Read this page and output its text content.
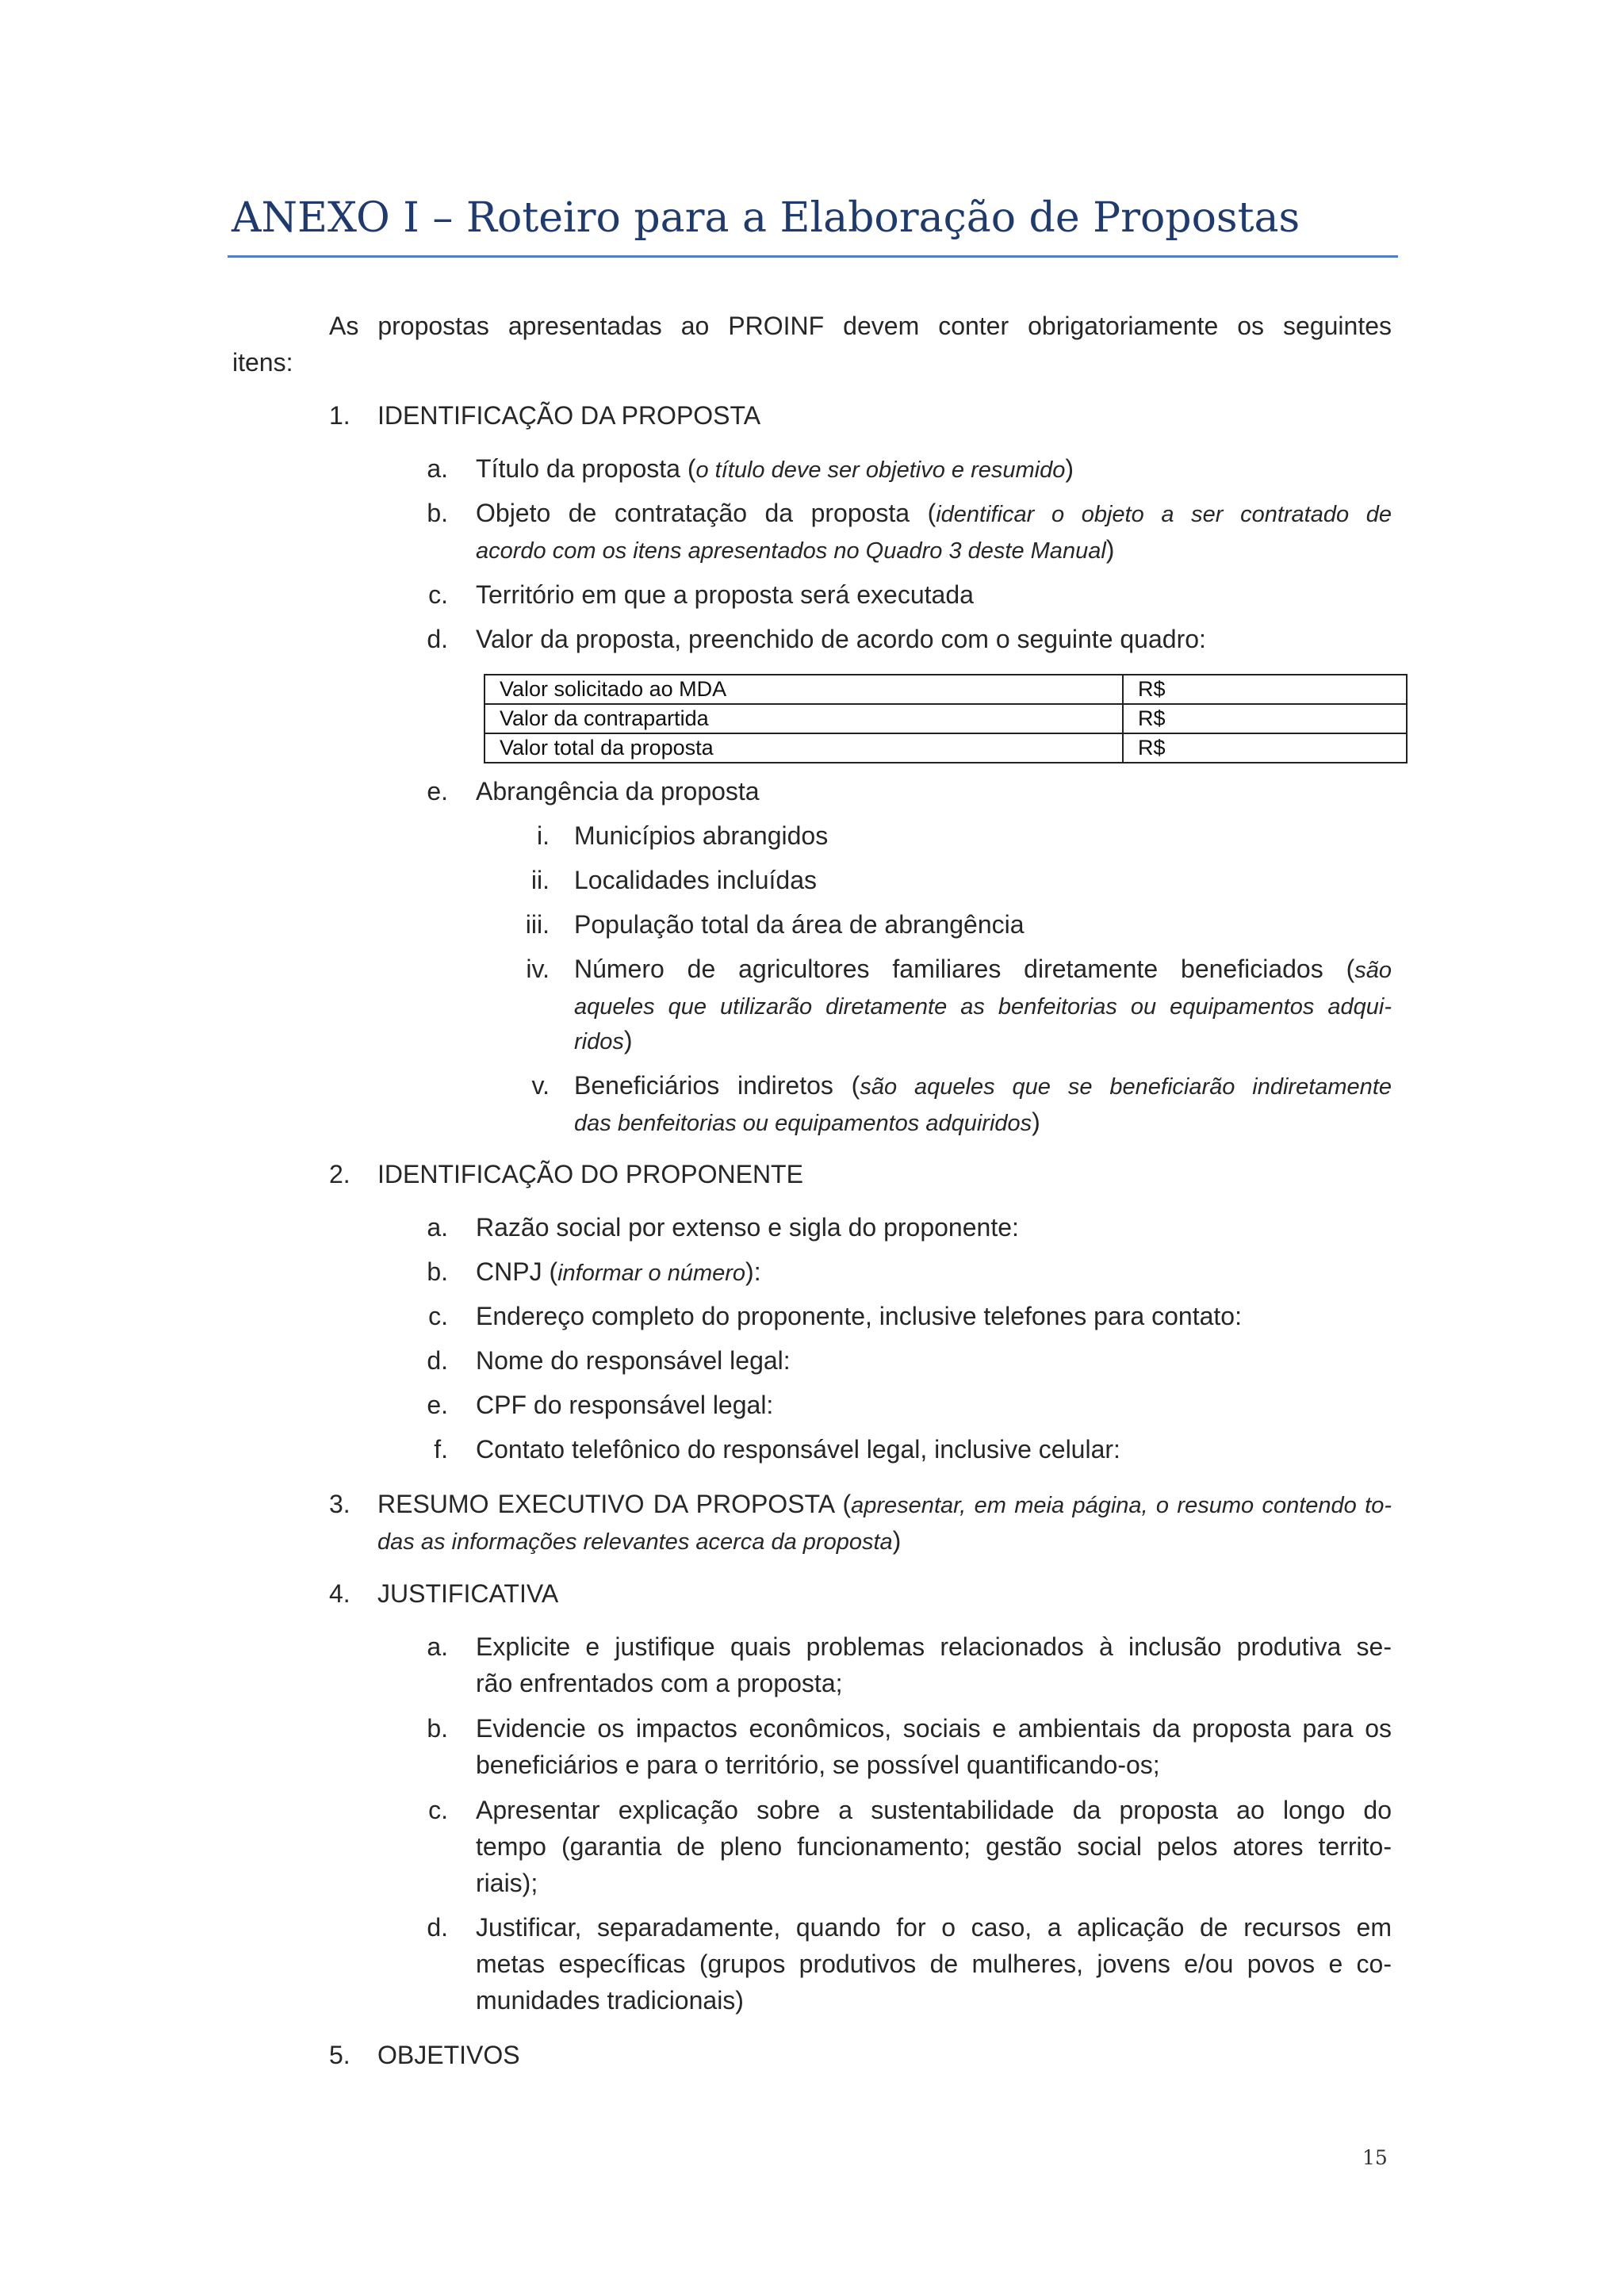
ANEXO I – Roteiro para a Elaboração de Propostas
As propostas apresentadas ao PROINF devem conter obrigatoriamente os seguintes
itens:
1. IDENTIFICAÇÃO DA PROPOSTA
a. Título da proposta (o título deve ser objetivo e resumido)
b. Objeto de contratação da proposta (identificar o objeto a ser contratado de
acordo com os itens apresentados no Quadro 3 deste Manual)
c. Território em que a proposta será executada
d. Valor da proposta, preenchido de acordo com o seguinte quadro:
Valor solicitado ao MDA	R$
Valor da contrapartida	R$
Valor total da proposta	R$
e. Abrangência da proposta
i. Municípios abrangidos
ii. Localidades incluídas
iii. População total da área de abrangência
iv. Número de agricultores familiares diretamente beneficiados (são
aqueles que utilizarão diretamente as benfeitorias ou equipamentos adqui-
ridos)
v. Beneficiários indiretos (são aqueles que se beneficiarão indiretamente
das benfeitorias ou equipamentos adquiridos)
2. IDENTIFICAÇÃO DO PROPONENTE
a. Razão social por extenso e sigla do proponente:
b. CNPJ (informar o número):
c. Endereço completo do proponente, inclusive telefones para contato:
d. Nome do responsável legal:
e. CPF do responsável legal:
f. Contato telefônico do responsável legal, inclusive celular:
3. RESUMO EXECUTIVO DA PROPOSTA (apresentar, em meia página, o resumo contendo to-
das as informações relevantes acerca da proposta)
4. JUSTIFICATIVA
a. Explicite e justifique quais problemas relacionados à inclusão produtiva se-
rão enfrentados com a proposta;
b. Evidencie os impactos econômicos, sociais e ambientais da proposta para os
beneficiários e para o território, se possível quantificando-os;
c. Apresentar explicação sobre a sustentabilidade da proposta ao longo do
tempo (garantia de pleno funcionamento; gestão social pelos atores territo-
riais);
d. Justificar, separadamente, quando for o caso, a aplicação de recursos em
metas específicas (grupos produtivos de mulheres, jovens e/ou povos e co-
munidades tradicionais)
5. OBJETIVOS
15
